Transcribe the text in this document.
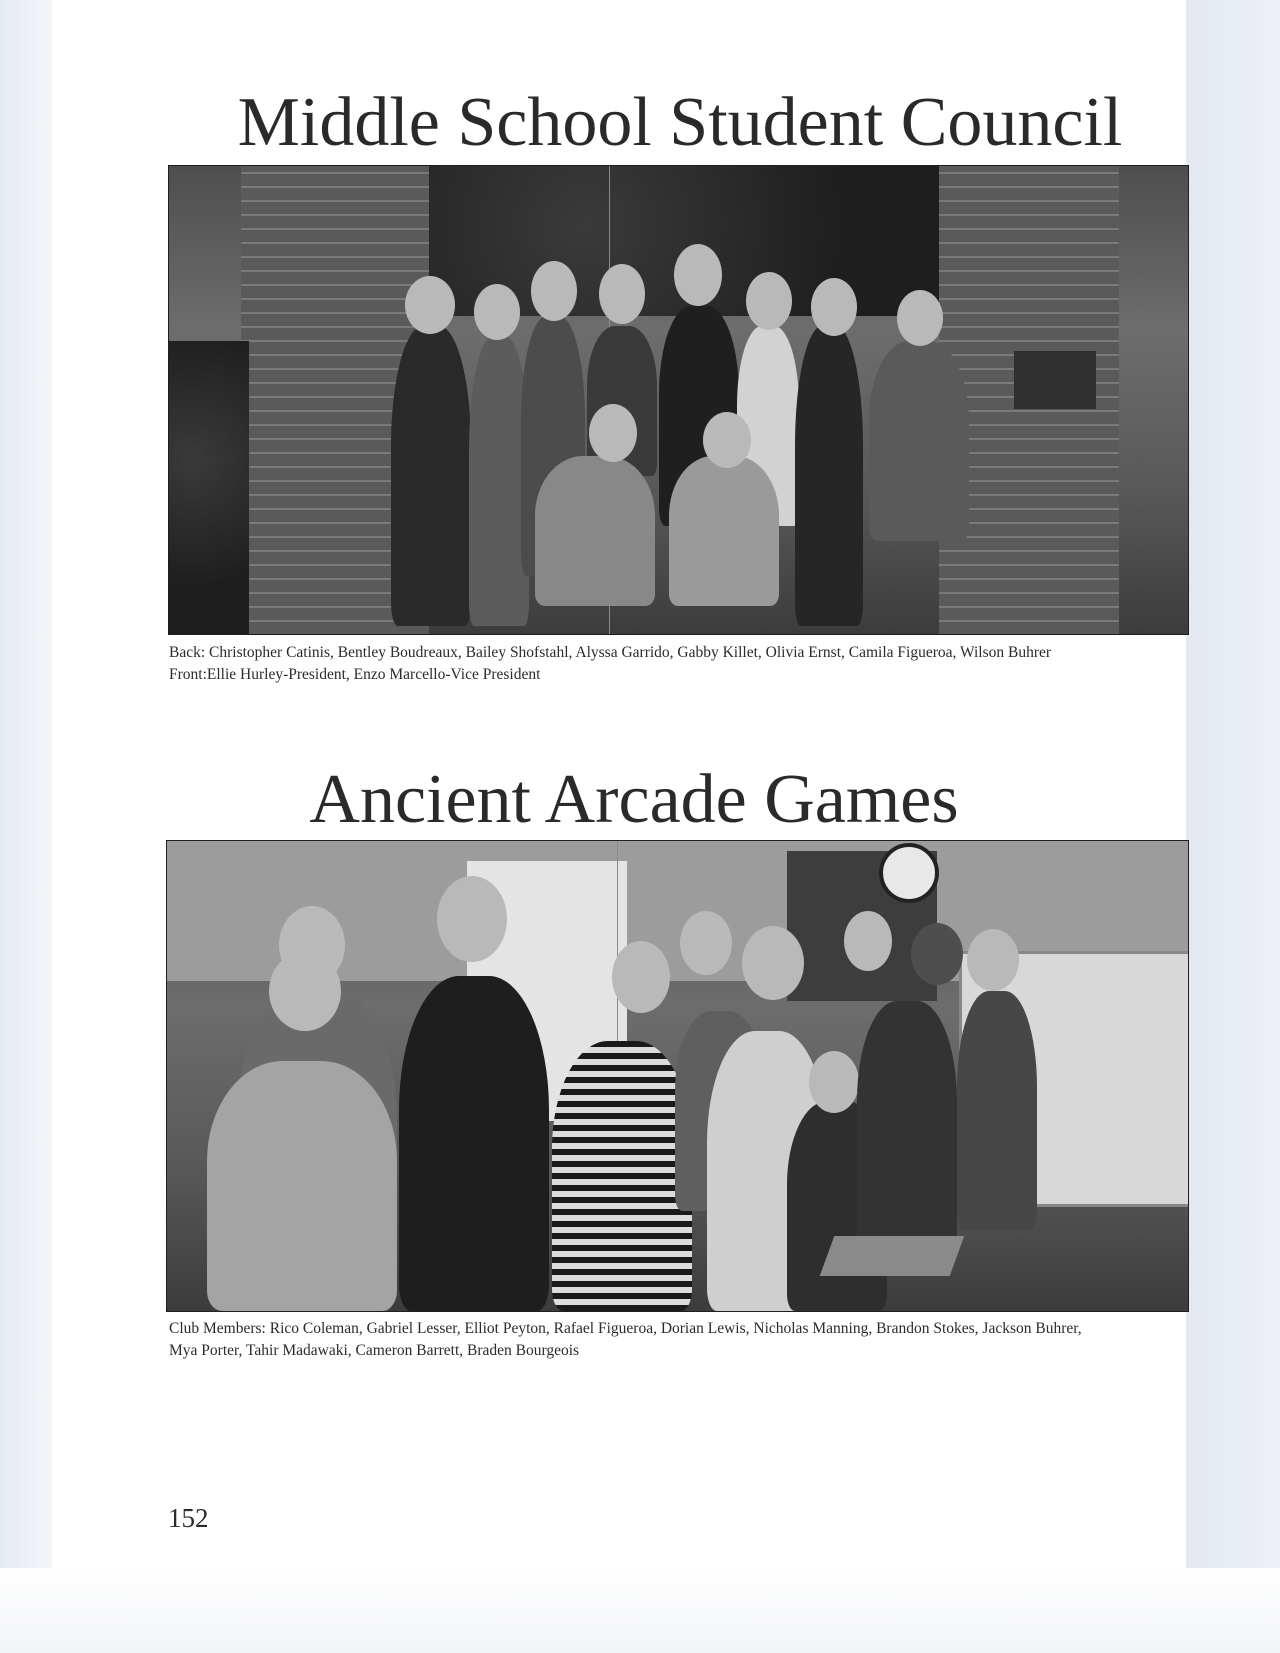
Middle School Student Council
Back: Christopher Catinis, Bentley Boudreaux, Bailey Shofstahl, Alyssa Garrido, Gabby Killet, Olivia Ernst, Camila Figueroa, Wilson Buhrer
Front:Ellie Hurley-President, Enzo Marcello-Vice President
Ancient Arcade Games
Club Members: Rico Coleman, Gabriel Lesser, Elliot Peyton, Rafael Figueroa, Dorian Lewis, Nicholas Manning, Brandon Stokes, Jackson Buhrer,
Mya Porter, Tahir Madawaki, Cameron Barrett, Braden Bourgeois
152
